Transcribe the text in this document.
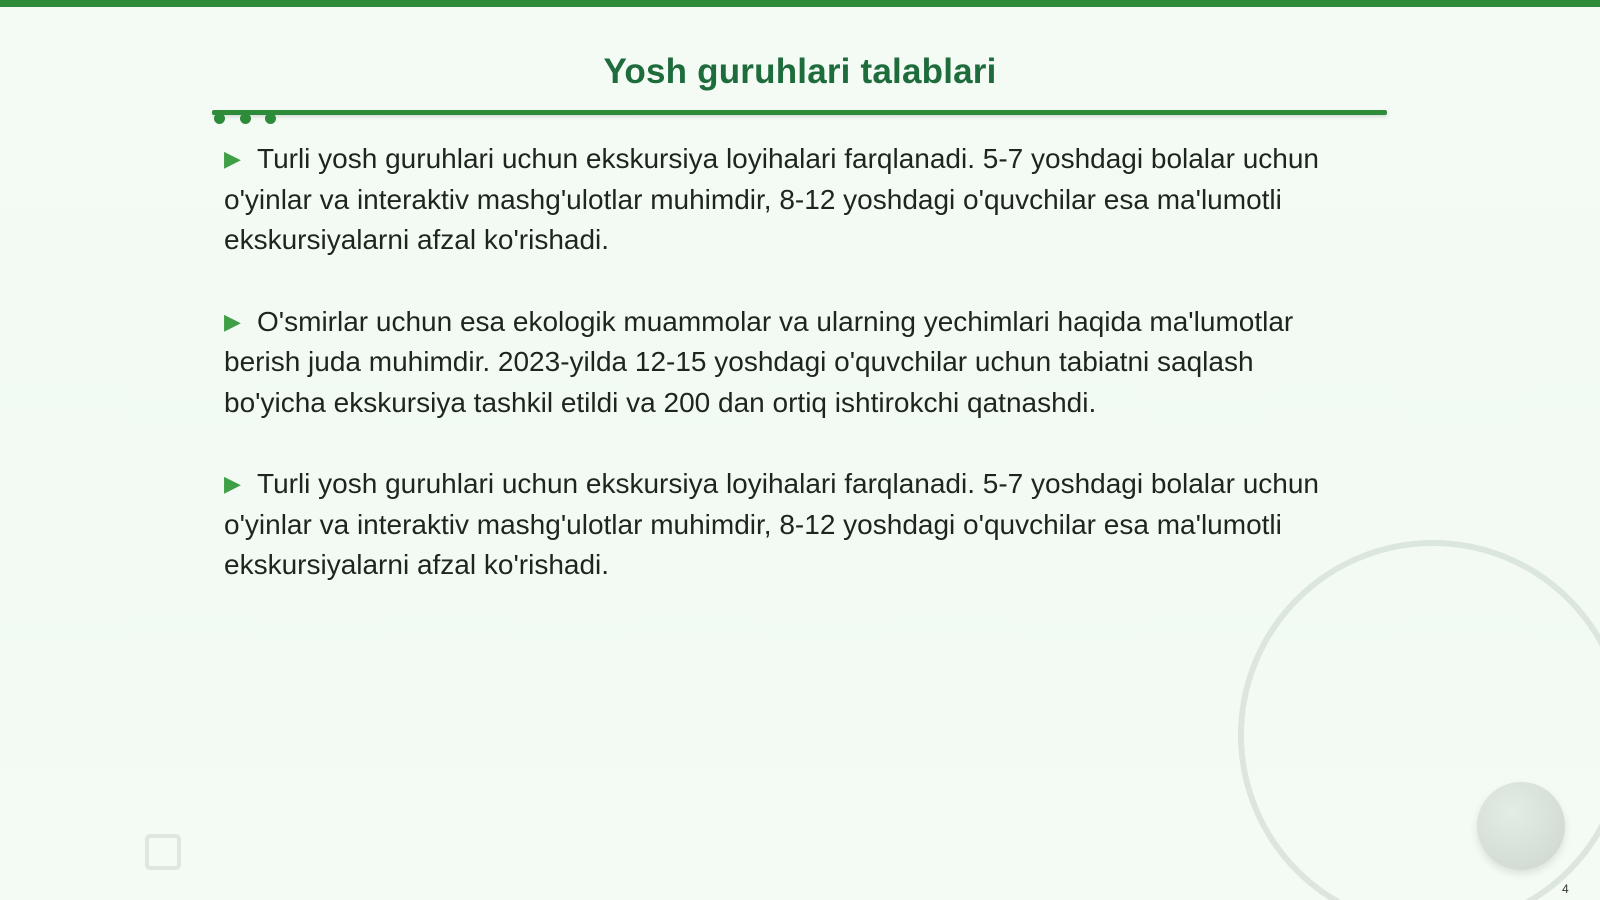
Yosh guruhlari talablari

▶ Turli yosh guruhlari uchun ekskursiya loyihalari farqlanadi. 5-7 yoshdagi bolalar uchun o'yinlar va interaktiv mashg'ulotlar muhimdir, 8-12 yoshdagi o'quvchilar esa ma'lumotli ekskursiyalarni afzal ko'rishadi.

▶ O'smirlar uchun esa ekologik muammolar va ularning yechimlari haqida ma'lumotlar berish juda muhimdir. 2023-yilda 12-15 yoshdagi o'quvchilar uchun tabiatni saqlash bo'yicha ekskursiya tashkil etildi va 200 dan ortiq ishtirokchi qatnashdi.

▶ Turli yosh guruhlari uchun ekskursiya loyihalari farqlanadi. 5-7 yoshdagi bolalar uchun o'yinlar va interaktiv mashg'ulotlar muhimdir, 8-12 yoshdagi o'quvchilar esa ma'lumotli ekskursiyalarni afzal ko'rishadi.

4
